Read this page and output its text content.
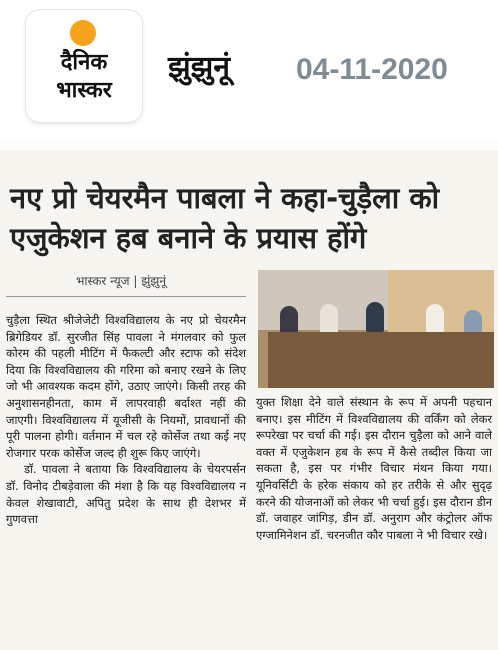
दैनिक
भास्कर
झुंझुनूं 04-11-2020
नए प्रो चेयरमैन पाबला ने कहा-चुड़ैला को एजुकेशन हब बनाने के प्रयास होंगे
भास्कर न्यूज | झुंझुनूं

चुड़ैला स्थित श्रीजेजेटी विश्वविद्यालय के नए प्रो चेयरमैन ब्रिगेडियर डॉ. सुरजीत सिंह पावला ने मंगलवार को फुल कोरम की पहली मीटिंग में फैकल्टी और स्टाफ को संदेश दिया कि विश्वविद्यालय की गरिमा को बनाए रखने के लिए जो भी आवश्यक कदम होंगे, उठाए जाएंगे। किसी तरह की अनुशासनहीनता, काम में लापरवाही बर्दाश्त नहीं की जाएगी। विश्वविद्यालय में यूजीसी के नियमों, प्रावधानों की पूरी पालना होगी। वर्तमान में चल रहे कोर्सेज तथा कई नए रोजगार परक कोर्सेज जल्द ही शुरू किए जाएंगे।

डॉ. पावला ने बताया कि विश्वविद्यालय के चेयरपर्सन डॉ. विनोद टीबड़ेवाला की मंशा है कि यह विश्वविद्यालय न केवल शेखावाटी, अपितु प्रदेश के साथ ही देशभर में गुणवत्ता

युक्त शिक्षा देने वाले संस्थान के रूप में अपनी पहचान बनाए। इस मीटिंग में विश्वविद्यालय की वर्किंग को लेकर रूपरेखा पर चर्चा की गई। इस दौरान चुड़ैला को आने वाले वक्त में एजुकेशन हब के रूप में कैसे तब्दील किया जा सकता है, इस पर गंभीर विचार मंथन किया गया। यूनिवर्सिटी के हरेक संकाय को हर तरीके से और सुदृढ़ करने की योजनाओं को लेकर भी चर्चा हुई। इस दौरान डीन डॉ. जवाहर जांगिड़, डीन डॉ. अनुराग और कंट्रोलर ऑफ एग्जामिनेशन डॉ. चरनजीत कौर पाबला ने भी विचार रखे।
